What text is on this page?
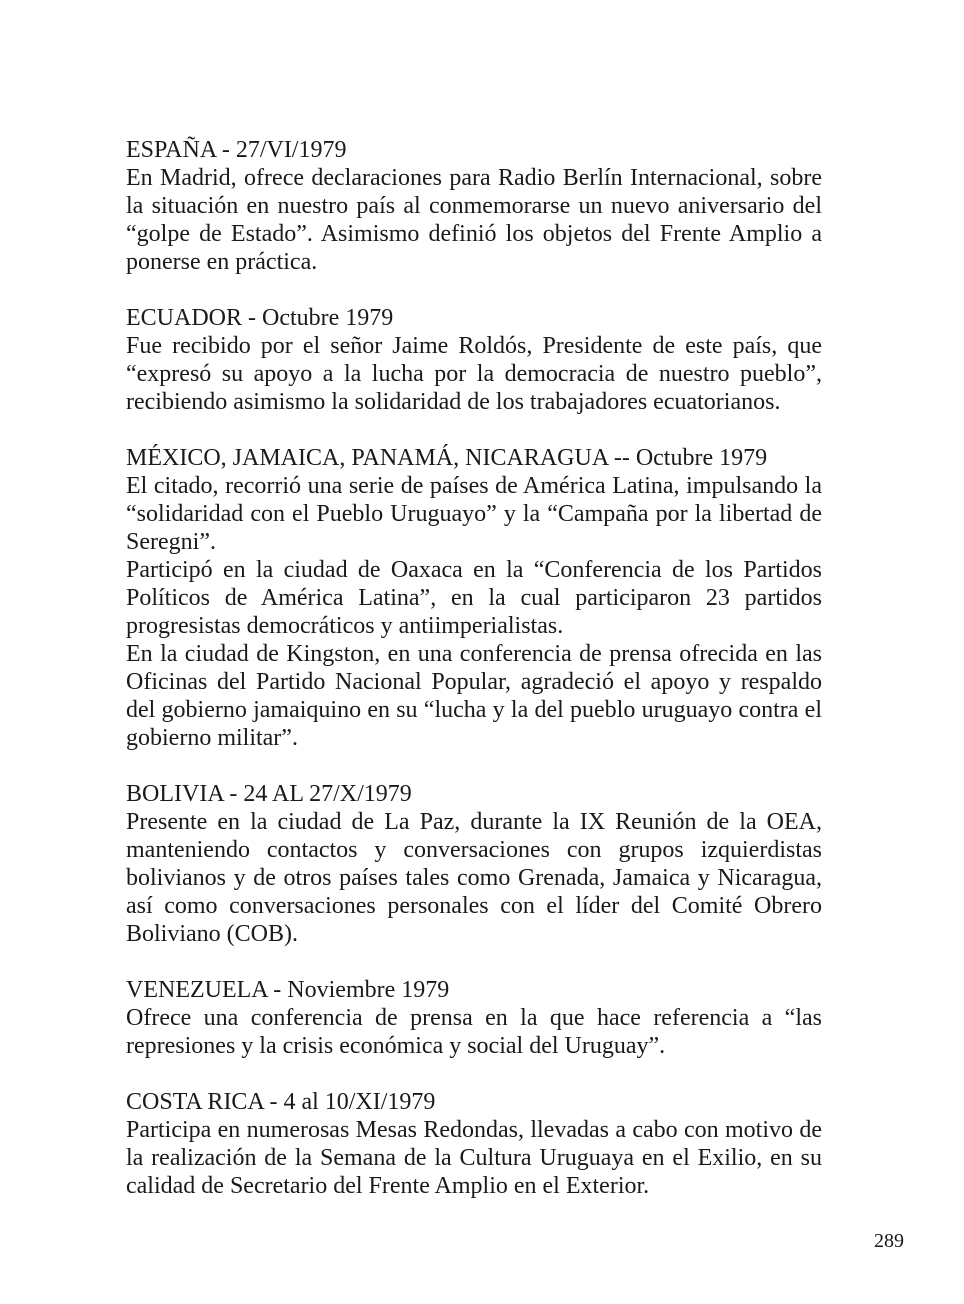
ESPAÑA - 27/VI/1979

En Madrid, ofrece declaraciones para Radio Berlín Internacional, sobre la situación en nuestro país al conmemorarse un nuevo aniversario del “golpe de Estado”. Asimismo definió los objetos del Frente Amplio a ponerse en práctica.

ECUADOR - Octubre 1979

Fue recibido por el señor Jaime Roldós, Presidente de este país, que “expresó su apoyo a la lucha por la democracia de nuestro pueblo”, recibiendo asimismo la solidaridad de los trabajadores ecuatorianos.

MÉXICO, JAMAICA, PANAMÁ, NICARAGUA -- Octubre 1979

El citado, recorrió una serie de países de América Latina, impulsando la “solidaridad con el Pueblo Uruguayo” y la “Campaña por la libertad de Seregni”.

Participó en la ciudad de Oaxaca en la “Conferencia de los Partidos Políticos de América Latina”, en la cual participaron 23 partidos progresistas democráticos y antiimperialistas.

En la ciudad de Kingston, en una conferencia de prensa ofrecida en las Oficinas del Partido Nacional Popular, agradeció el apoyo y respaldo del gobierno jamaiquino en su “lucha y la del pueblo uruguayo contra el gobierno militar”.

BOLIVIA - 24 AL 27/X/1979

Presente en la ciudad de La Paz, durante la IX Reunión de la OEA, manteniendo contactos y conversaciones con grupos izquierdistas bolivianos y de otros países tales como Grenada, Jamaica y Nicaragua, así como conversaciones personales con el líder del Comité Obrero Boliviano (COB).

VENEZUELA - Noviembre 1979

Ofrece una conferencia de prensa en la que hace referencia a “las represiones y la crisis económica y social del Uruguay”.

COSTA RICA - 4 al 10/XI/1979

Participa en numerosas Mesas Redondas, llevadas a cabo con motivo de la realización de la Semana de la Cultura Uruguaya en el Exilio, en su calidad de Secretario del Frente Amplio en el Exterior.

289
